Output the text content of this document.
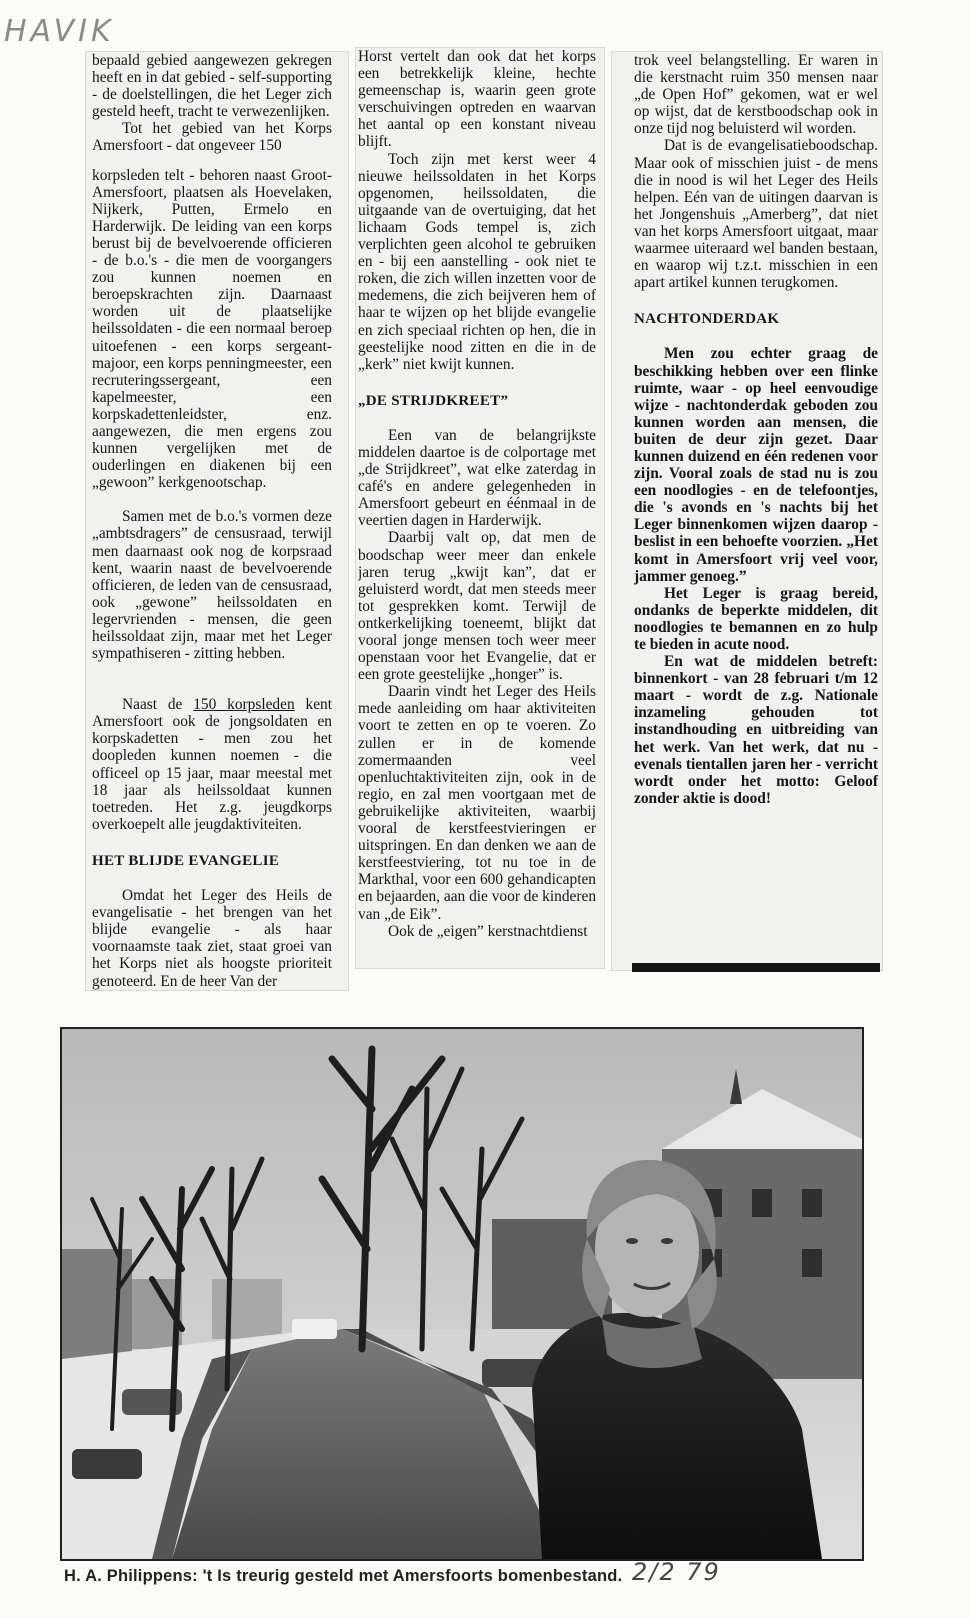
HAVIK

bepaald gebied aangewezen gekregen heeft en in dat gebied - self-supporting - de doelstellingen, die het Leger zich gesteld heeft, tracht te verwezenlijken.

Tot het gebied van het Korps Amersfoort - dat ongeveer 150

korpsleden telt - behoren naast Groot-Amersfoort, plaatsen als Hoevelaken, Nijkerk, Putten, Ermelo en Harderwijk. De leiding van een korps berust bij de bevelvoerende officieren - de b.o.'s - die men de voorgangers zou kunnen noemen en beroepskrachten zijn. Daarnaast worden uit de plaatselijke heilssoldaten - die een normaal beroep uitoefenen - een korps sergeant-majoor, een korps penningmeester, een recruteringssergeant, een kapelmeester, een korpskadettenleidster, enz. aangewezen, die men ergens zou kunnen vergelijken met de ouderlingen en diakenen bij een „gewoon” kerkgenootschap.

Samen met de b.o.'s vormen deze „ambtsdragers” de censusraad, terwijl men daarnaast ook nog de korpsraad kent, waarin naast de bevelvoerende officieren, de leden van de censusraad, ook „gewone” heilssoldaten en legervrienden - mensen, die geen heilssoldaat zijn, maar met het Leger sympathiseren - zitting hebben.

Naast de 150 korpsleden kent Amersfoort ook de jongsoldaten en korpskadetten - men zou het doopleden kunnen noemen - die officeel op 15 jaar, maar meestal met 18 jaar als heilssoldaat kunnen toetreden. Het z.g. jeugdkorps overkoepelt alle jeugdaktiviteiten.

HET BLIJDE EVANGELIE

Omdat het Leger des Heils de evangelisatie - het brengen van het blijde evangelie - als haar voornaamste taak ziet, staat groei van het Korps niet als hoogste prioriteit genoteerd. En de heer Van der

Horst vertelt dan ook dat het korps een betrekkelijk kleine, hechte gemeenschap is, waarin geen grote verschuivingen optreden en waarvan het aantal op een konstant niveau blijft.

Toch zijn met kerst weer 4 nieuwe heilssoldaten in het Korps opgenomen, heilssoldaten, die uitgaande van de overtuiging, dat het lichaam Gods tempel is, zich verplichten geen alcohol te gebruiken en - bij een aanstelling - ook niet te roken, die zich willen inzetten voor de medemens, die zich beijveren hem of haar te wijzen op het blijde evangelie en zich speciaal richten op hen, die in geestelijke nood zitten en die in de „kerk” niet kwijt kunnen.

„DE STRIJDKREET”

Een van de belangrijkste middelen daartoe is de colportage met „de Strijdkreet”, wat elke zaterdag in café's en andere gelegenheden in Amersfoort gebeurt en éénmaal in de veertien dagen in Harderwijk.

Daarbij valt op, dat men de boodschap weer meer dan enkele jaren terug „kwijt kan”, dat er geluisterd wordt, dat men steeds meer tot gesprekken komt. Terwijl de ontkerkelijking toeneemt, blijkt dat vooral jonge mensen toch weer meer openstaan voor het Evangelie, dat er een grote geestelijke „honger” is.

Daarin vindt het Leger des Heils mede aanleiding om haar aktiviteiten voort te zetten en op te voeren. Zo zullen er in de komende zomermaanden veel openluchtaktiviteiten zijn, ook in de regio, en zal men voortgaan met de gebruikelijke aktiviteiten, waarbij vooral de kerstfeestvieringen er uitspringen. En dan denken we aan de kerstfeestviering, tot nu toe in de Markthal, voor een 600 gehandicapten en bejaarden, aan die voor de kinderen van „de Eik”.

Ook de „eigen” kerstnachtdienst

trok veel belangstelling. Er waren in die kerstnacht ruim 350 mensen naar „de Open Hof” gekomen, wat er wel op wijst, dat de kerstboodschap ook in onze tijd nog beluisterd wil worden.

Dat is de evangelisatieboodschap. Maar ook of misschien juist - de mens die in nood is wil het Leger des Heils helpen. Eén van de uitingen daarvan is het Jongenshuis „Amerberg”, dat niet van het korps Amersfoort uitgaat, maar waarmee uiteraard wel banden bestaan, en waarop wij t.z.t. misschien in een apart artikel kunnen terugkomen.

NACHTONDERDAK

Men zou echter graag de beschikking hebben over een flinke ruimte, waar - op heel eenvoudige wijze - nachtonderdak geboden zou kunnen worden aan mensen, die buiten de deur zijn gezet. Daar kunnen duizend en één redenen voor zijn. Vooral zoals de stad nu is zou een noodlogies - en de telefoontjes, die 's avonds en 's nachts bij het Leger binnenkomen wijzen daarop - beslist in een behoefte voorzien. „Het komt in Amersfoort vrij veel voor, jammer genoeg.”

Het Leger is graag bereid, ondanks de beperkte middelen, dit noodlogies te bemannen en zo hulp te bieden in acute nood.

En wat de middelen betreft: binnenkort - van 28 februari t/m 12 maart - wordt de z.g. Nationale inzameling gehouden tot instandhouding en uitbreiding van het werk. Van het werk, dat nu - evenals tientallen jaren her - verricht wordt onder het motto: Geloof zonder aktie is dood!

H. A. Philippens: 't Is treurig gesteld met Amersfoorts bomenbestand. 2/2 79
